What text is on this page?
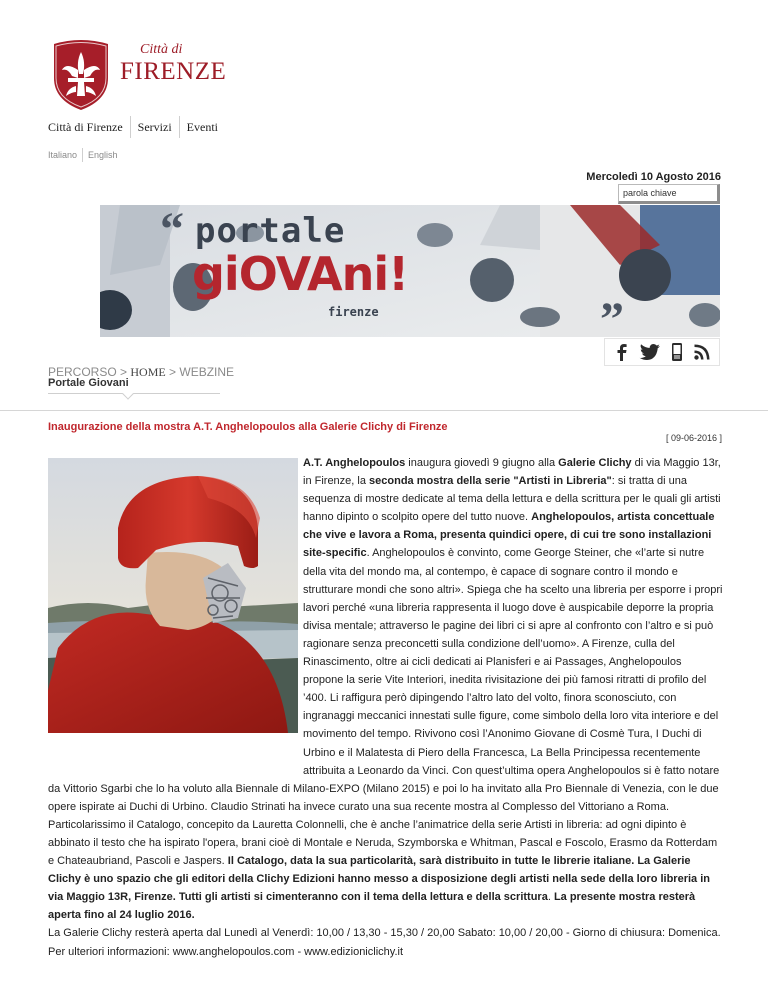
Città di
FIRENZE
Città di Firenze	Servizi	Eventi
Italiano	English
Mercoledì 10 Agosto 2016
parola chiave
“
”
portale
giOVAni!
firenze
PERCORSO > HOME > WEBZINE
Portale Giovani
Inaugurazione della mostra A.T. Anghelopoulos alla Galerie Clichy di Firenze
[ 09-06-2016 ]

A.T. Anghelopoulos inaugura giovedì 9 giugno alla Galerie Clichy di via Maggio 13r, in Firenze, la seconda mostra della serie "Artisti in Libreria": si tratta di una sequenza di mostre dedicate al tema della lettura e della scrittura per le quali gli artisti hanno dipinto o scolpito opere del tutto nuove. Anghelopoulos, artista concettuale che vive e lavora a Roma, presenta quindici opere, di cui tre sono installazioni site-specific. Anghelopoulos è convinto, come George Steiner, che «l’arte si nutre della vita del mondo ma, al contempo, è capace di sognare contro il mondo e strutturare mondi che sono altri». Spiega che ha scelto una libreria per esporre i propri lavori perché «una libreria rappresenta il luogo dove è auspicabile deporre la propria divisa mentale; attraverso le pagine dei libri ci si apre al confronto con l’altro e si può ragionare senza preconcetti sulla condizione dell’uomo». A Firenze, culla del Rinascimento, oltre ai cicli dedicati ai Planisferi e ai Passages, Anghelopoulos propone la serie Vite Interiori, inedita rivisitazione dei più famosi ritratti di profilo del ’400. Li raffigura però dipingendo l’altro lato del volto, finora sconosciuto, con ingranaggi meccanici innestati sulle figure, come simbolo della loro vita interiore e del movimento del tempo. Rivivono così l’Anonimo Giovane di Cosmè Tura, I Duchi di Urbino e il Malatesta di Piero della Francesca, La Bella Principessa recentemente attribuita a Leonardo da Vinci. Con quest’ultima opera Anghelopoulos si è fatto notare da Vittorio Sgarbi che lo ha voluto alla Biennale di Milano-EXPO (Milano 2015) e poi lo ha invitato alla Pro Biennale di Venezia, con le due opere ispirate ai Duchi di Urbino. Claudio Strinati ha invece curato una sua recente mostra al Complesso del Vittoriano a Roma. Particolarissimo il Catalogo, concepito da Lauretta Colonnelli, che è anche l’animatrice della serie Artisti in libreria: ad ogni dipinto è abbinato il testo che ha ispirato l'opera, brani cioè di Montale e Neruda, Szymborska e Whitman, Pascal e Foscolo, Erasmo da Rotterdam e Chateaubriand, Pascoli e Jaspers. Il Catalogo, data la sua particolarità, sarà distribuito in tutte le librerie italiane. La Galerie Clichy è uno spazio che gli editori della Clichy Edizioni hanno messo a disposizione degli artisti nella sede della loro libreria in via Maggio 13R, Firenze. Tutti gli artisti si cimenteranno con il tema della lettura e della scrittura. La presente mostra resterà aperta fino al 24 luglio 2016.

La Galerie Clichy resterà aperta dal Lunedì al Venerdì: 10,00 / 13,30 - 15,30 / 20,00 Sabato: 10,00 / 20,00 - Giorno di chiusura: Domenica. Per ulteriori informazioni: www.anghelopoulos.com - www.edizioniclichy.it
